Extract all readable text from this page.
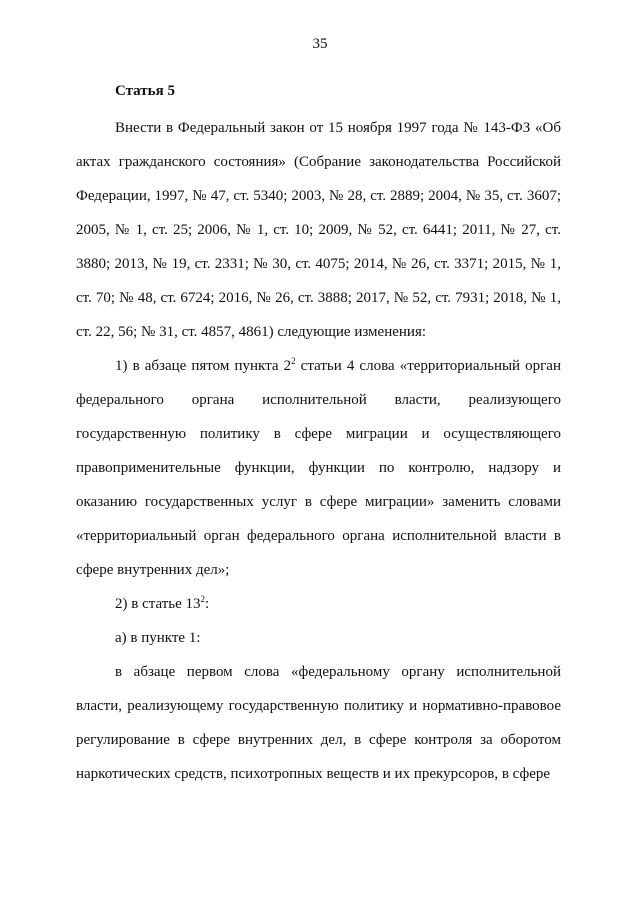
35

Статья 5

Внести в Федеральный закон от 15 ноября 1997 года № 143-ФЗ «Об актах гражданского состояния» (Собрание законодательства Российской Федерации, 1997, № 47, ст. 5340; 2003, № 28, ст. 2889; 2004, № 35, ст. 3607; 2005, № 1, ст. 25; 2006, № 1, ст. 10; 2009, № 52, ст. 6441; 2011, № 27, ст. 3880; 2013, № 19, ст. 2331; № 30, ст. 4075; 2014, № 26, ст. 3371; 2015, № 1, ст. 70; № 48, ст. 6724; 2016, № 26, ст. 3888; 2017, № 52, ст. 7931; 2018, № 1, ст. 22, 56; № 31, ст. 4857, 4861) следующие изменения:

1) в абзаце пятом пункта $2^2$ статьи 4 слова «территориальный орган федерального органа исполнительной власти, реализующего государственную политику в сфере миграции и осуществляющего правоприменительные функции, функции по контролю, надзору и оказанию государственных услуг в сфере миграции» заменить словами «территориальный орган федерального органа исполнительной власти в сфере внутренних дел»;

2) в статье $13^2$:

а) в пункте 1:

в абзаце первом слова «федеральному органу исполнительной власти, реализующему государственную политику и нормативно-правовое регулирование в сфере внутренних дел, в сфере контроля за оборотом наркотических средств, психотропных веществ и их прекурсоров, в сфере
